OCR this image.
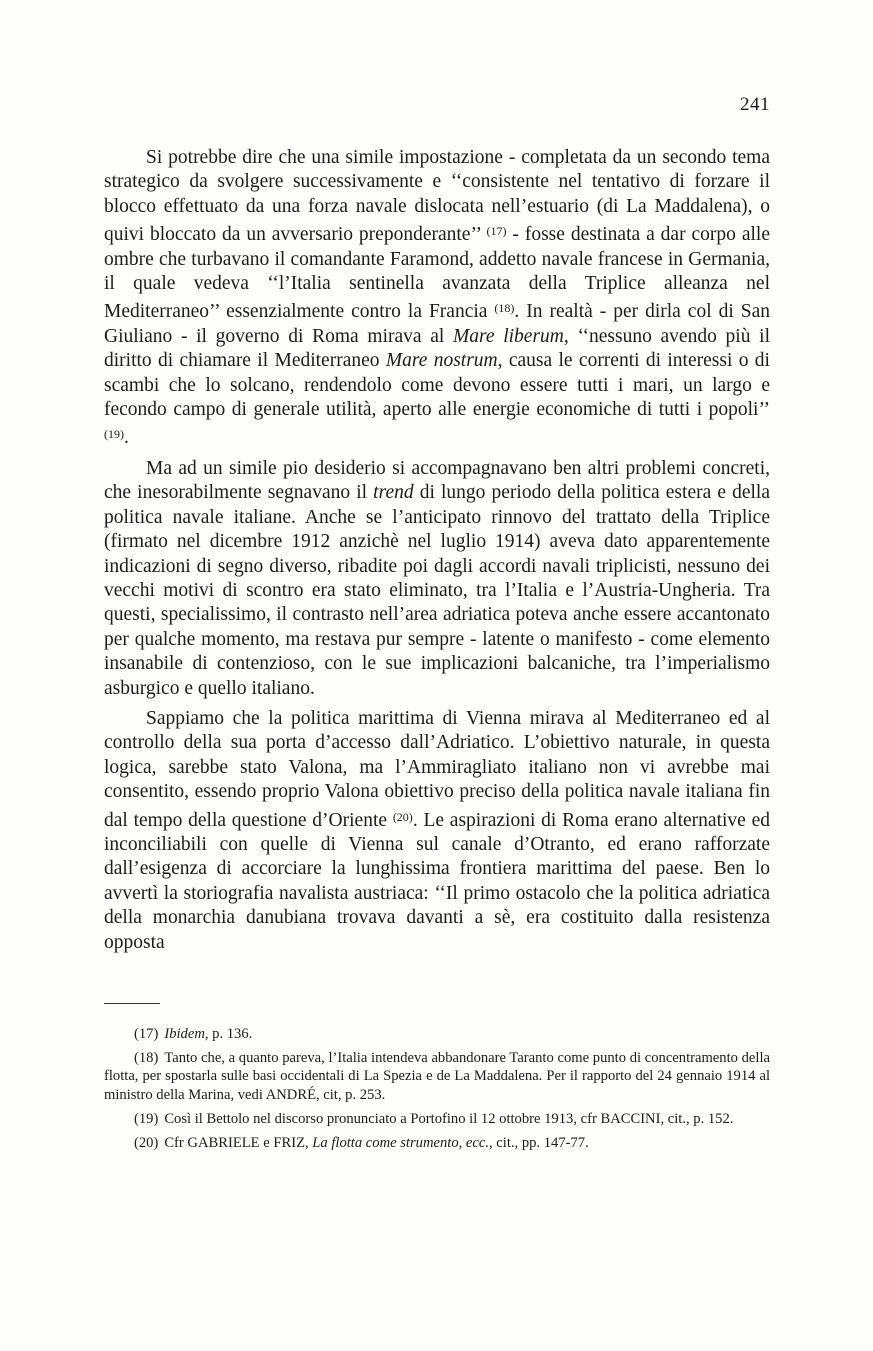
241

Si potrebbe dire che una simile impostazione - completata da un secondo tema strategico da svolgere successivamente e ‘‘consistente nel tentativo di forzare il blocco effettuato da una forza navale dislocata nell’estuario (di La Maddalena), o quivi bloccato da un avversario preponderante’’ $^{(17)}$ - fosse destinata a dar corpo alle ombre che turbavano il comandante Faramond, addetto navale francese in Germania, il quale vedeva ‘‘l’Italia sentinella avanzata della Triplice alleanza nel Mediterraneo’’ essenzialmente contro la Francia $^{(18)}$. In realtà - per dirla col di San Giuliano - il governo di Roma mirava al Mare liberum, ‘‘nessuno avendo più il diritto di chiamare il Mediterraneo Mare nostrum, causa le correnti di interessi o di scambi che lo solcano, rendendolo come devono essere tutti i mari, un largo e fecondo campo di generale utilità, aperto alle energie economiche di tutti i popoli’’ $^{(19)}$.

Ma ad un simile pio desiderio si accompagnavano ben altri problemi concreti, che inesorabilmente segnavano il trend di lungo periodo della politica estera e della politica navale italiane. Anche se l’anticipato rinnovo del trattato della Triplice (firmato nel dicembre 1912 anzichè nel luglio 1914) aveva dato apparentemente indicazioni di segno diverso, ribadite poi dagli accordi navali triplicisti, nessuno dei vecchi motivi di scontro era stato eliminato, tra l’Italia e l’Austria-Ungheria. Tra questi, specialissimo, il contrasto nell’area adriatica poteva anche essere accantonato per qualche momento, ma restava pur sempre - latente o manifesto - come elemento insanabile di contenzioso, con le sue implicazioni balcaniche, tra l’imperialismo asburgico e quello italiano.

Sappiamo che la politica marittima di Vienna mirava al Mediterraneo ed al controllo della sua porta d’accesso dall’Adriatico. L’obiettivo naturale, in questa logica, sarebbe stato Valona, ma l’Ammiragliato italiano non vi avrebbe mai consentito, essendo proprio Valona obiettivo preciso della politica navale italiana fin dal tempo della questione d’Oriente $^{(20)}$. Le aspirazioni di Roma erano alternative ed inconciliabili con quelle di Vienna sul canale d’Otranto, ed erano rafforzate dall’esigenza di accorciare la lunghissima frontiera marittima del paese. Ben lo avvertì la storiografia navalista austriaca: ‘‘Il primo ostacolo che la politica adriatica della monarchia danubiana trovava davanti a sè, era costituito dalla resistenza opposta

(17) Ibidem, p. 136.
(18) Tanto che, a quanto pareva, l’Italia intendeva abbandonare Taranto come punto di concentramento della flotta, per spostarla sulle basi occidentali di La Spezia e de La Maddalena. Per il rapporto del 24 gennaio 1914 al ministro della Marina, vedi ANDRÉ, cit, p. 253.
(19) Così il Bettolo nel discorso pronunciato a Portofino il 12 ottobre 1913, cfr BACCINI, cit., p. 152.
(20) Cfr GABRIELE e FRIZ, La flotta come strumento, ecc., cit., pp. 147-77.
